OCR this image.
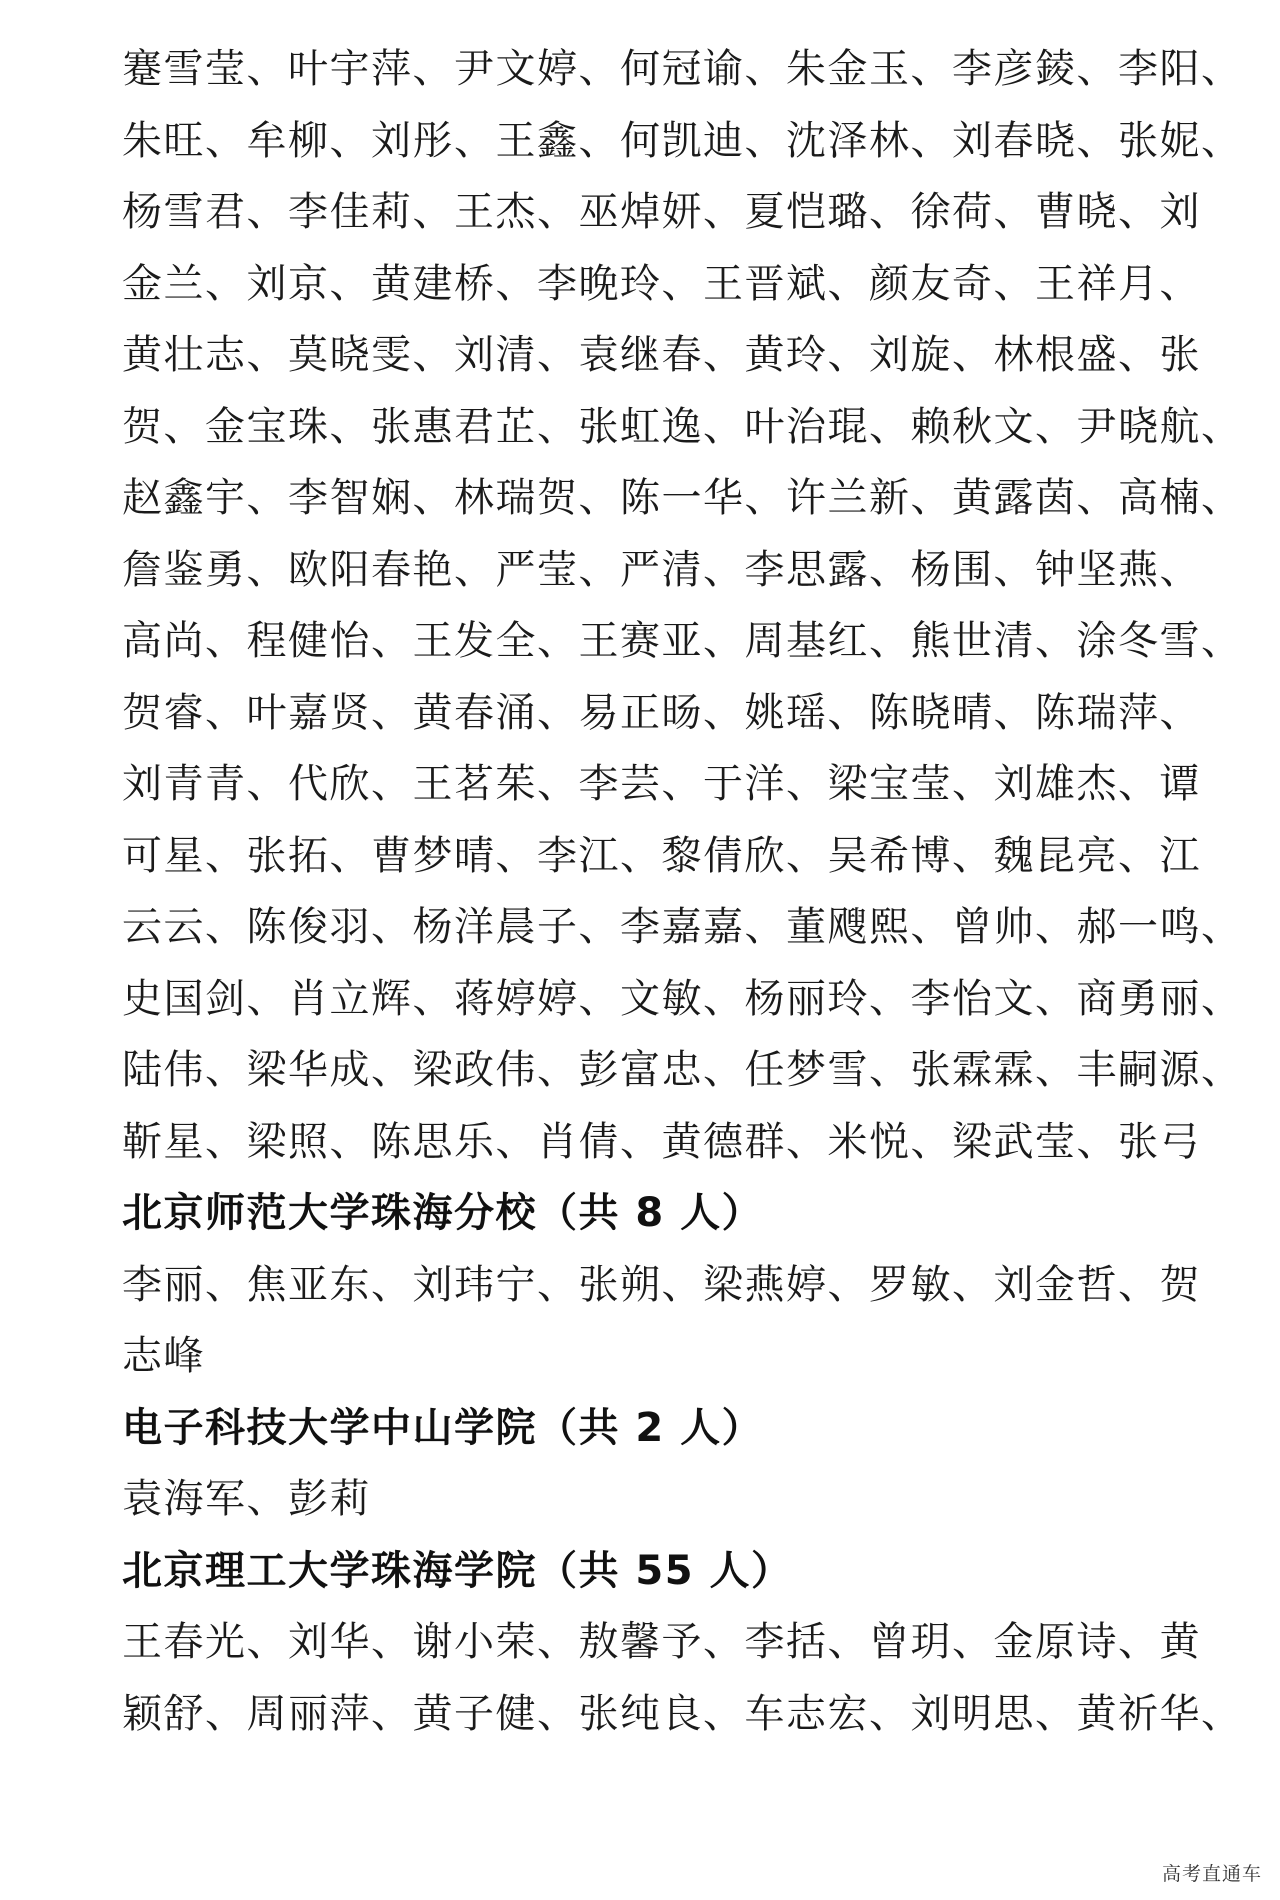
蹇雪莹、叶宇萍、尹文婷、何冠谕、朱金玉、李彦錂、李阳、
朱旺、牟柳、刘彤、王鑫、何凯迪、沈泽林、刘春晓、张妮、
杨雪君、李佳莉、王杰、巫焯妍、夏恺璐、徐荷、曹晓、刘
金兰、刘京、黄建桥、李晚玲、王晋斌、颜友奇、王祥月、
黄壮志、莫晓雯、刘清、袁继春、黄玲、刘旋、林根盛、张
贺、金宝珠、张惠君芷、张虹逸、叶治琨、赖秋文、尹晓航、
赵鑫宇、李智娴、林瑞贺、陈一华、许兰新、黄露茵、高楠、
詹鉴勇、欧阳春艳、严莹、严清、李思露、杨围、钟坚燕、
高尚、程健怡、王发全、王赛亚、周基红、熊世清、涂冬雪、
贺睿、叶嘉贤、黄春涌、易正旸、姚瑶、陈晓晴、陈瑞萍、
刘青青、代欣、王茗茱、李芸、于洋、梁宝莹、刘雄杰、谭
可星、张拓、曹梦晴、李江、黎倩欣、吴希博、魏昆亮、江
云云、陈俊羽、杨洋晨子、李嘉嘉、董飕熙、曾帅、郝一鸣、
史国剑、肖立辉、蒋婷婷、文敏、杨丽玲、李怡文、商勇丽、
陆伟、梁华成、梁政伟、彭富忠、任梦雪、张霖霖、丰嗣源、
靳星、梁照、陈思乐、肖倩、黄德群、米悦、梁武莹、张弓
北京师范大学珠海分校（共 8 人）
李丽、焦亚东、刘玮宁、张朔、梁燕婷、罗敏、刘金哲、贺
志峰
电子科技大学中山学院（共 2 人）
袁海军、彭莉
北京理工大学珠海学院（共 55 人）
王春光、刘华、谢小荣、敖馨予、李括、曾玥、金原诗、黄
颖舒、周丽萍、黄子健、张纯良、车志宏、刘明思、黄祈华、
高考直通车
